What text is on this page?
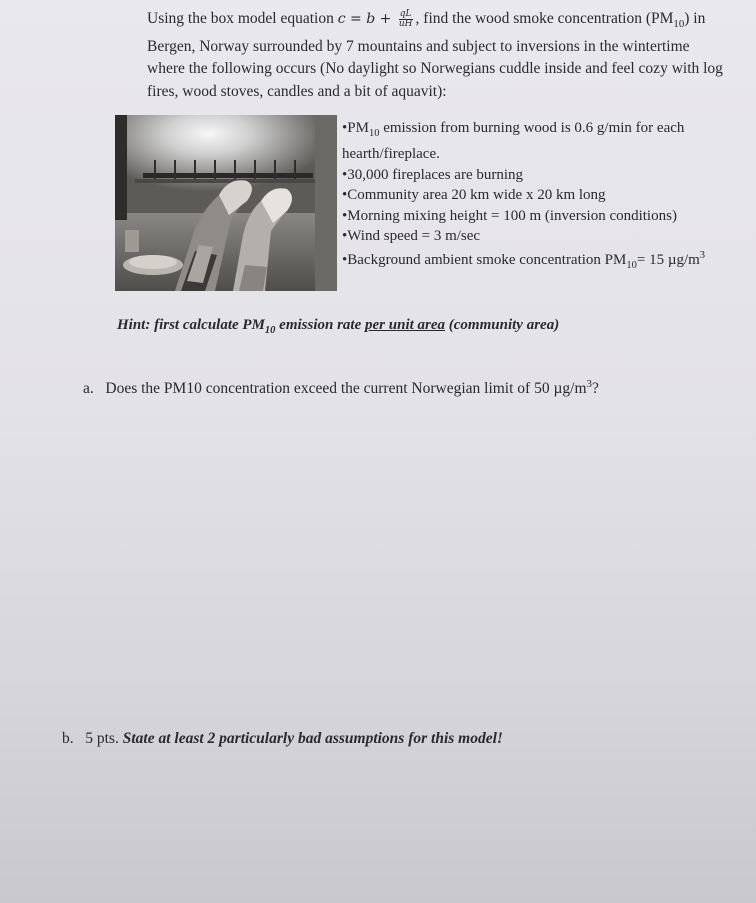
Using the box model equation $c = b + \frac{qL}{uH}$ , find the wood smoke concentration $(PM_{10})$ in Bergen, Norway surrounded by 7 mountains and subject to inversions in the wintertime where the following occurs (No daylight so Norwegians cuddle inside and feel cozy with log fires, wood stoves, candles and a bit of aquavit):

$•PM_{10}$ emission from burning wood is 0.6 g/min for each hearth/fireplace.

•30,000 fireplaces are burning

•Community area 20 km wide x 20 km long

•Morning mixing height = 100 m (inversion conditions)

•Wind speed = 3 m/sec

•Background ambient smoke concentration $PM_{10}= 15$ $\mu g/m^3$

Hint: first calculate $PM_{10}$ emission rate per unit area (community area)
a. Does the PM10 concentration exceed the current Norwegian limit of 50 $\mu g/m^3$?
b. 5 pts. State at least 2 particularly bad assumptions for this model!
